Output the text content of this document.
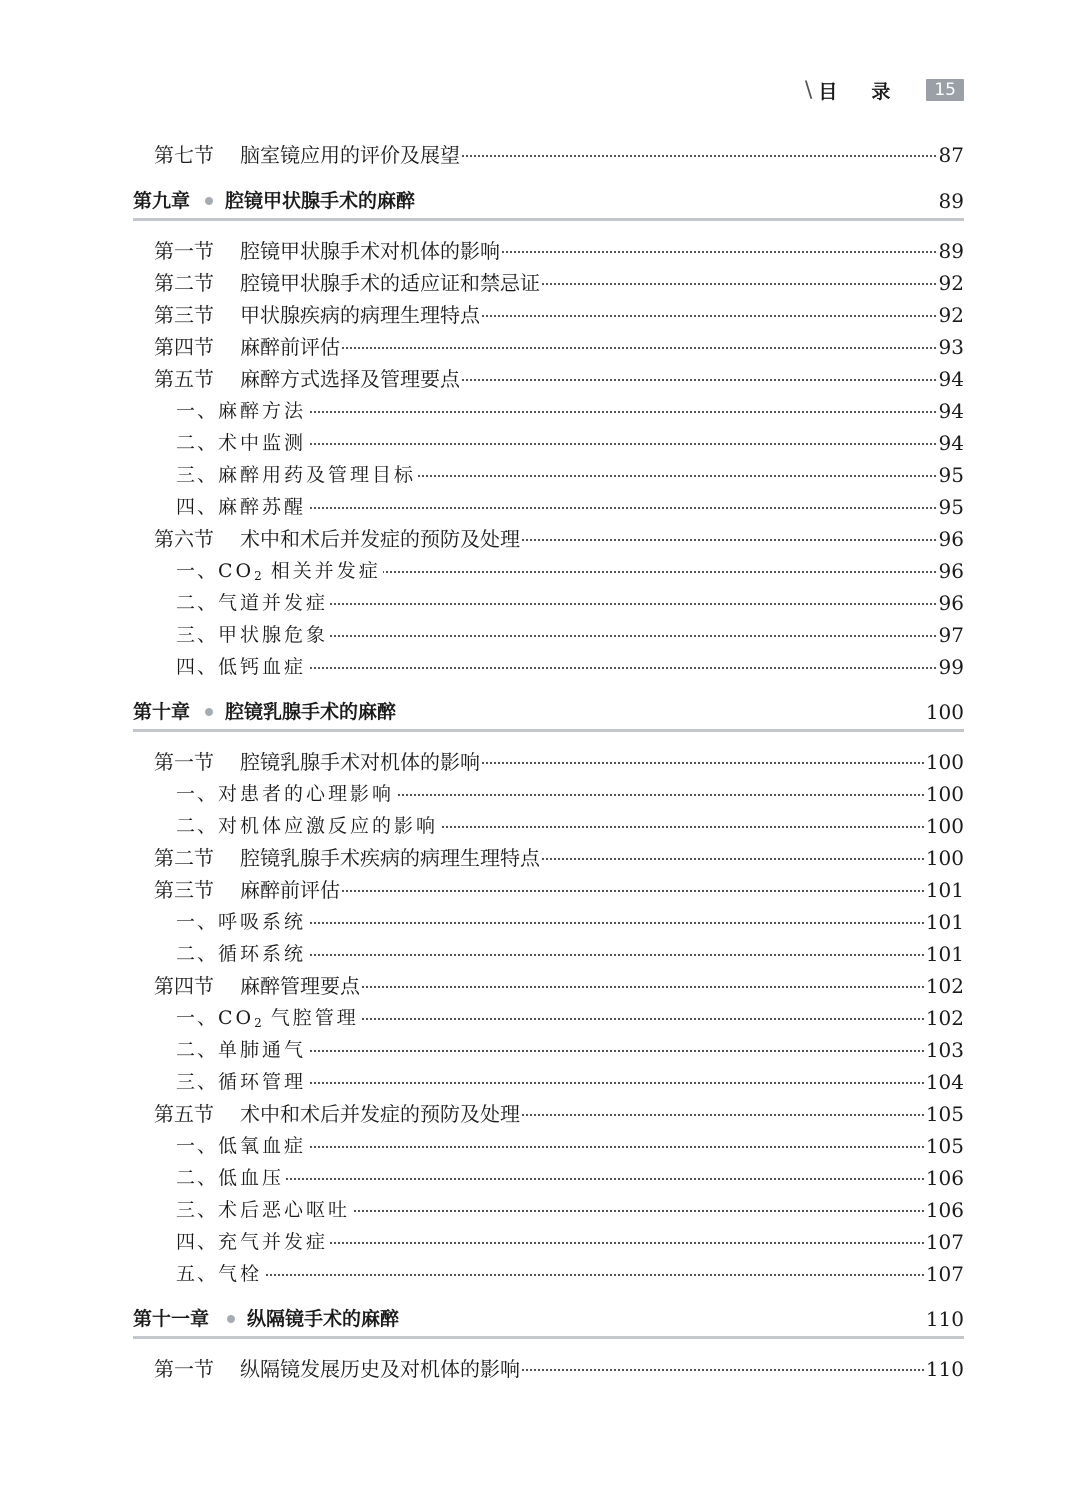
\ 目录 15
第七节 脑室镜应用的评价及展望	87
第九章 腔镜甲状腺手术的麻醉	89
第一节 腔镜甲状腺手术对机体的影响	89
第二节 腔镜甲状腺手术的适应证和禁忌证	92
第三节 甲状腺疾病的病理生理特点	92
第四节 麻醉前评估	93
第五节 麻醉方式选择及管理要点	94
一、 麻醉方法	94
二、 术中监测	94
三、 麻醉用药及管理目标	95
四、 麻醉苏醒	95
第六节 术中和术后并发症的预防及处理	96
一、 $CO_2$ 相关并发症	96
二、 气道并发症	96
三、 甲状腺危象	97
四、 低钙血症	99
第十章 腔镜乳腺手术的麻醉	100
第一节 腔镜乳腺手术对机体的影响	100
一、 对患者的心理影响	100
二、 对机体应激反应的影响	100
第二节 腔镜乳腺手术疾病的病理生理特点	100
第三节 麻醉前评估	101
一、 呼吸系统	101
二、 循环系统	101
第四节 麻醉管理要点	102
一、 $CO_2$ 气腔管理	102
二、 单肺通气	103
三、 循环管理	104
第五节 术中和术后并发症的预防及处理	105
一、 低氧血症	105
二、 低血压	106
三、 术后恶心呕吐	106
四、 充气并发症	107
五、 气栓	107
第十一章 纵隔镜手术的麻醉	110
第一节 纵隔镜发展历史及对机体的影响	110
